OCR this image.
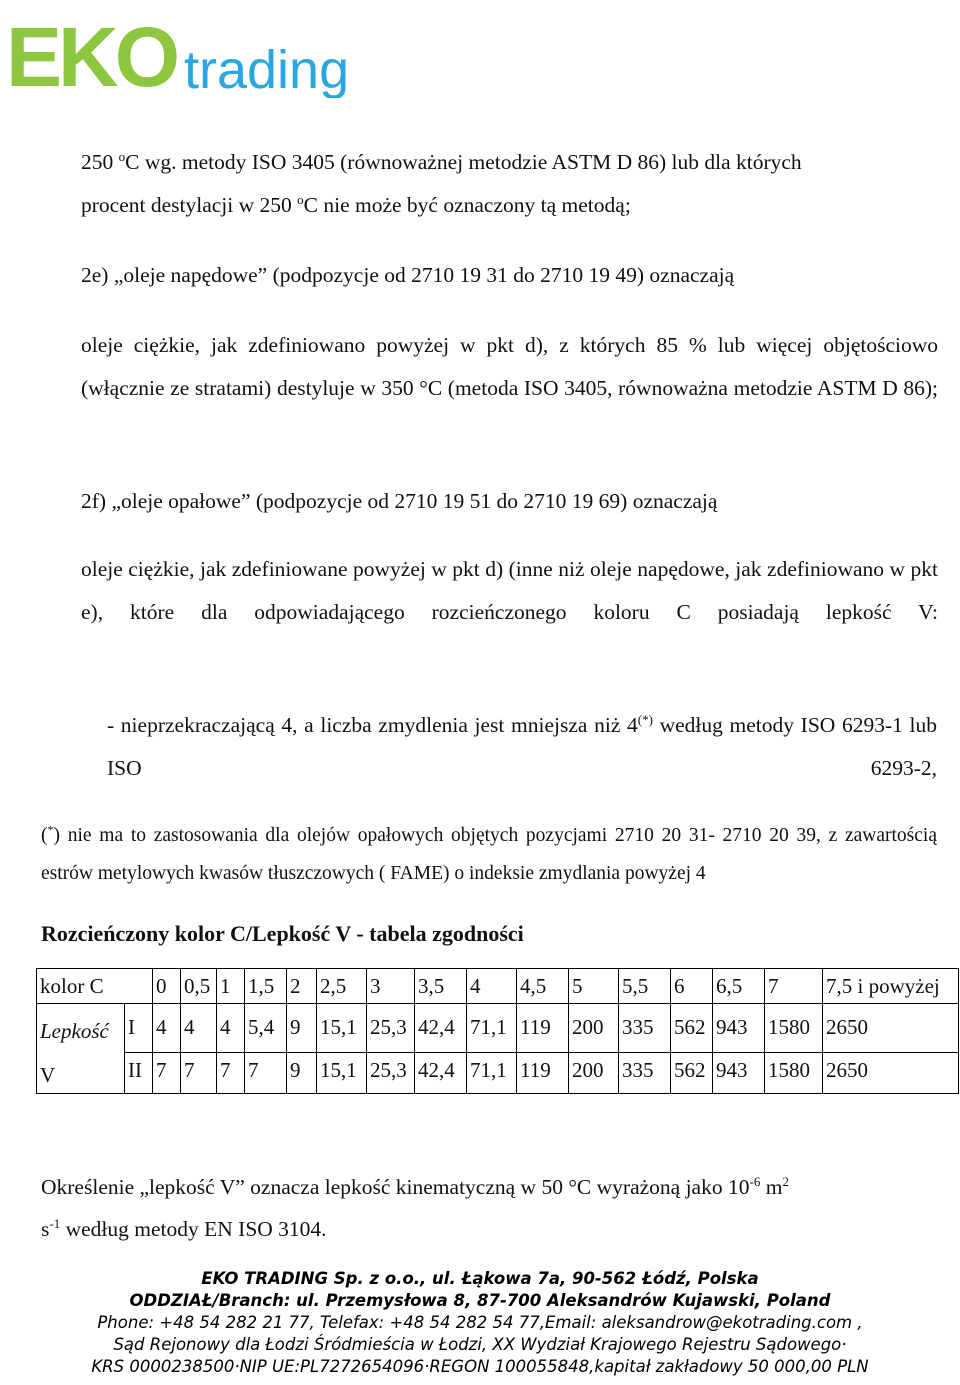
EKO trading

250 $^o$C wg. metody ISO 3405 (równoważnej metodzie ASTM D 86) lub dla których
procent destylacji w 250 $^o$C nie może być oznaczony tą metodą;

2e) „oleje napędowe” (podpozycje od 2710 19 31 do 2710 19 49) oznaczają

oleje ciężkie, jak zdefiniowano powyżej w pkt d), z których 85 % lub więcej objętościowo (włącznie ze stratami) destyluje w 350 °C (metoda ISO 3405, równoważna metodzie ASTM D 86);

2f) „oleje opałowe” (podpozycje od 2710 19 51 do 2710 19 69) oznaczają

oleje ciężkie, jak zdefiniowane powyżej w pkt d) (inne niż oleje napędowe, jak zdefiniowano w pkt e), które dla odpowiadającego rozcieńczonego koloru C posiadają lepkość V:

- nieprzekraczającą 4, a liczba zmydlenia jest mniejsza niż 4(*) według metody ISO 6293-1 lub ISO 6293-2,

(*) nie ma to zastosowania dla olejów opałowych objętych pozycjami 2710 20 31- 2710 20 39, z zawartością estrów metylowych kwasów tłuszczowych ( FAME) o indeksie zmydlania powyżej 4

Rozcieńczony kolor C/Lepkość V - tabela zgodności

kolor C		0	0,5	1	1,5	2	2,5	3	3,5	4	4,5	5	5,5	6	6,5	7	7,5 i powyżej

Lepkość
V	I	4	4	4	5,4	9	15,1	25,3	42,4	71,1	119	200	335	562	943	1580	2650
	II	7	7	7	7	9	15,1	25,3	42,4	71,1	119	200	335	562	943	1580	2650

Określenie „lepkość V” oznacza lepkość kinematyczną w 50 °C wyrażoną jako $10^{-6}$ $m^2$
$s^{-1}$ według metody EN ISO 3104.

EKO TRADING Sp. z o.o., ul. Łąkowa 7a, 90-562 Łódź, Polska
ODDZIAŁ/Branch: ul. Przemysłowa 8, 87-700 Aleksandrów Kujawski, Poland
Phone: +48 54 282 21 77, Telefax: +48 54 282 54 77,Email: aleksandrow@ekotrading.com ,
Sąd Rejonowy dla Łodzi Śródmieścia w Łodzi, XX Wydział Krajowego Rejestru Sądowego·
KRS 0000238500·NIP UE:PL7272654096·REGON 100055848,kapitał zakładowy 50 000,00 PLN
